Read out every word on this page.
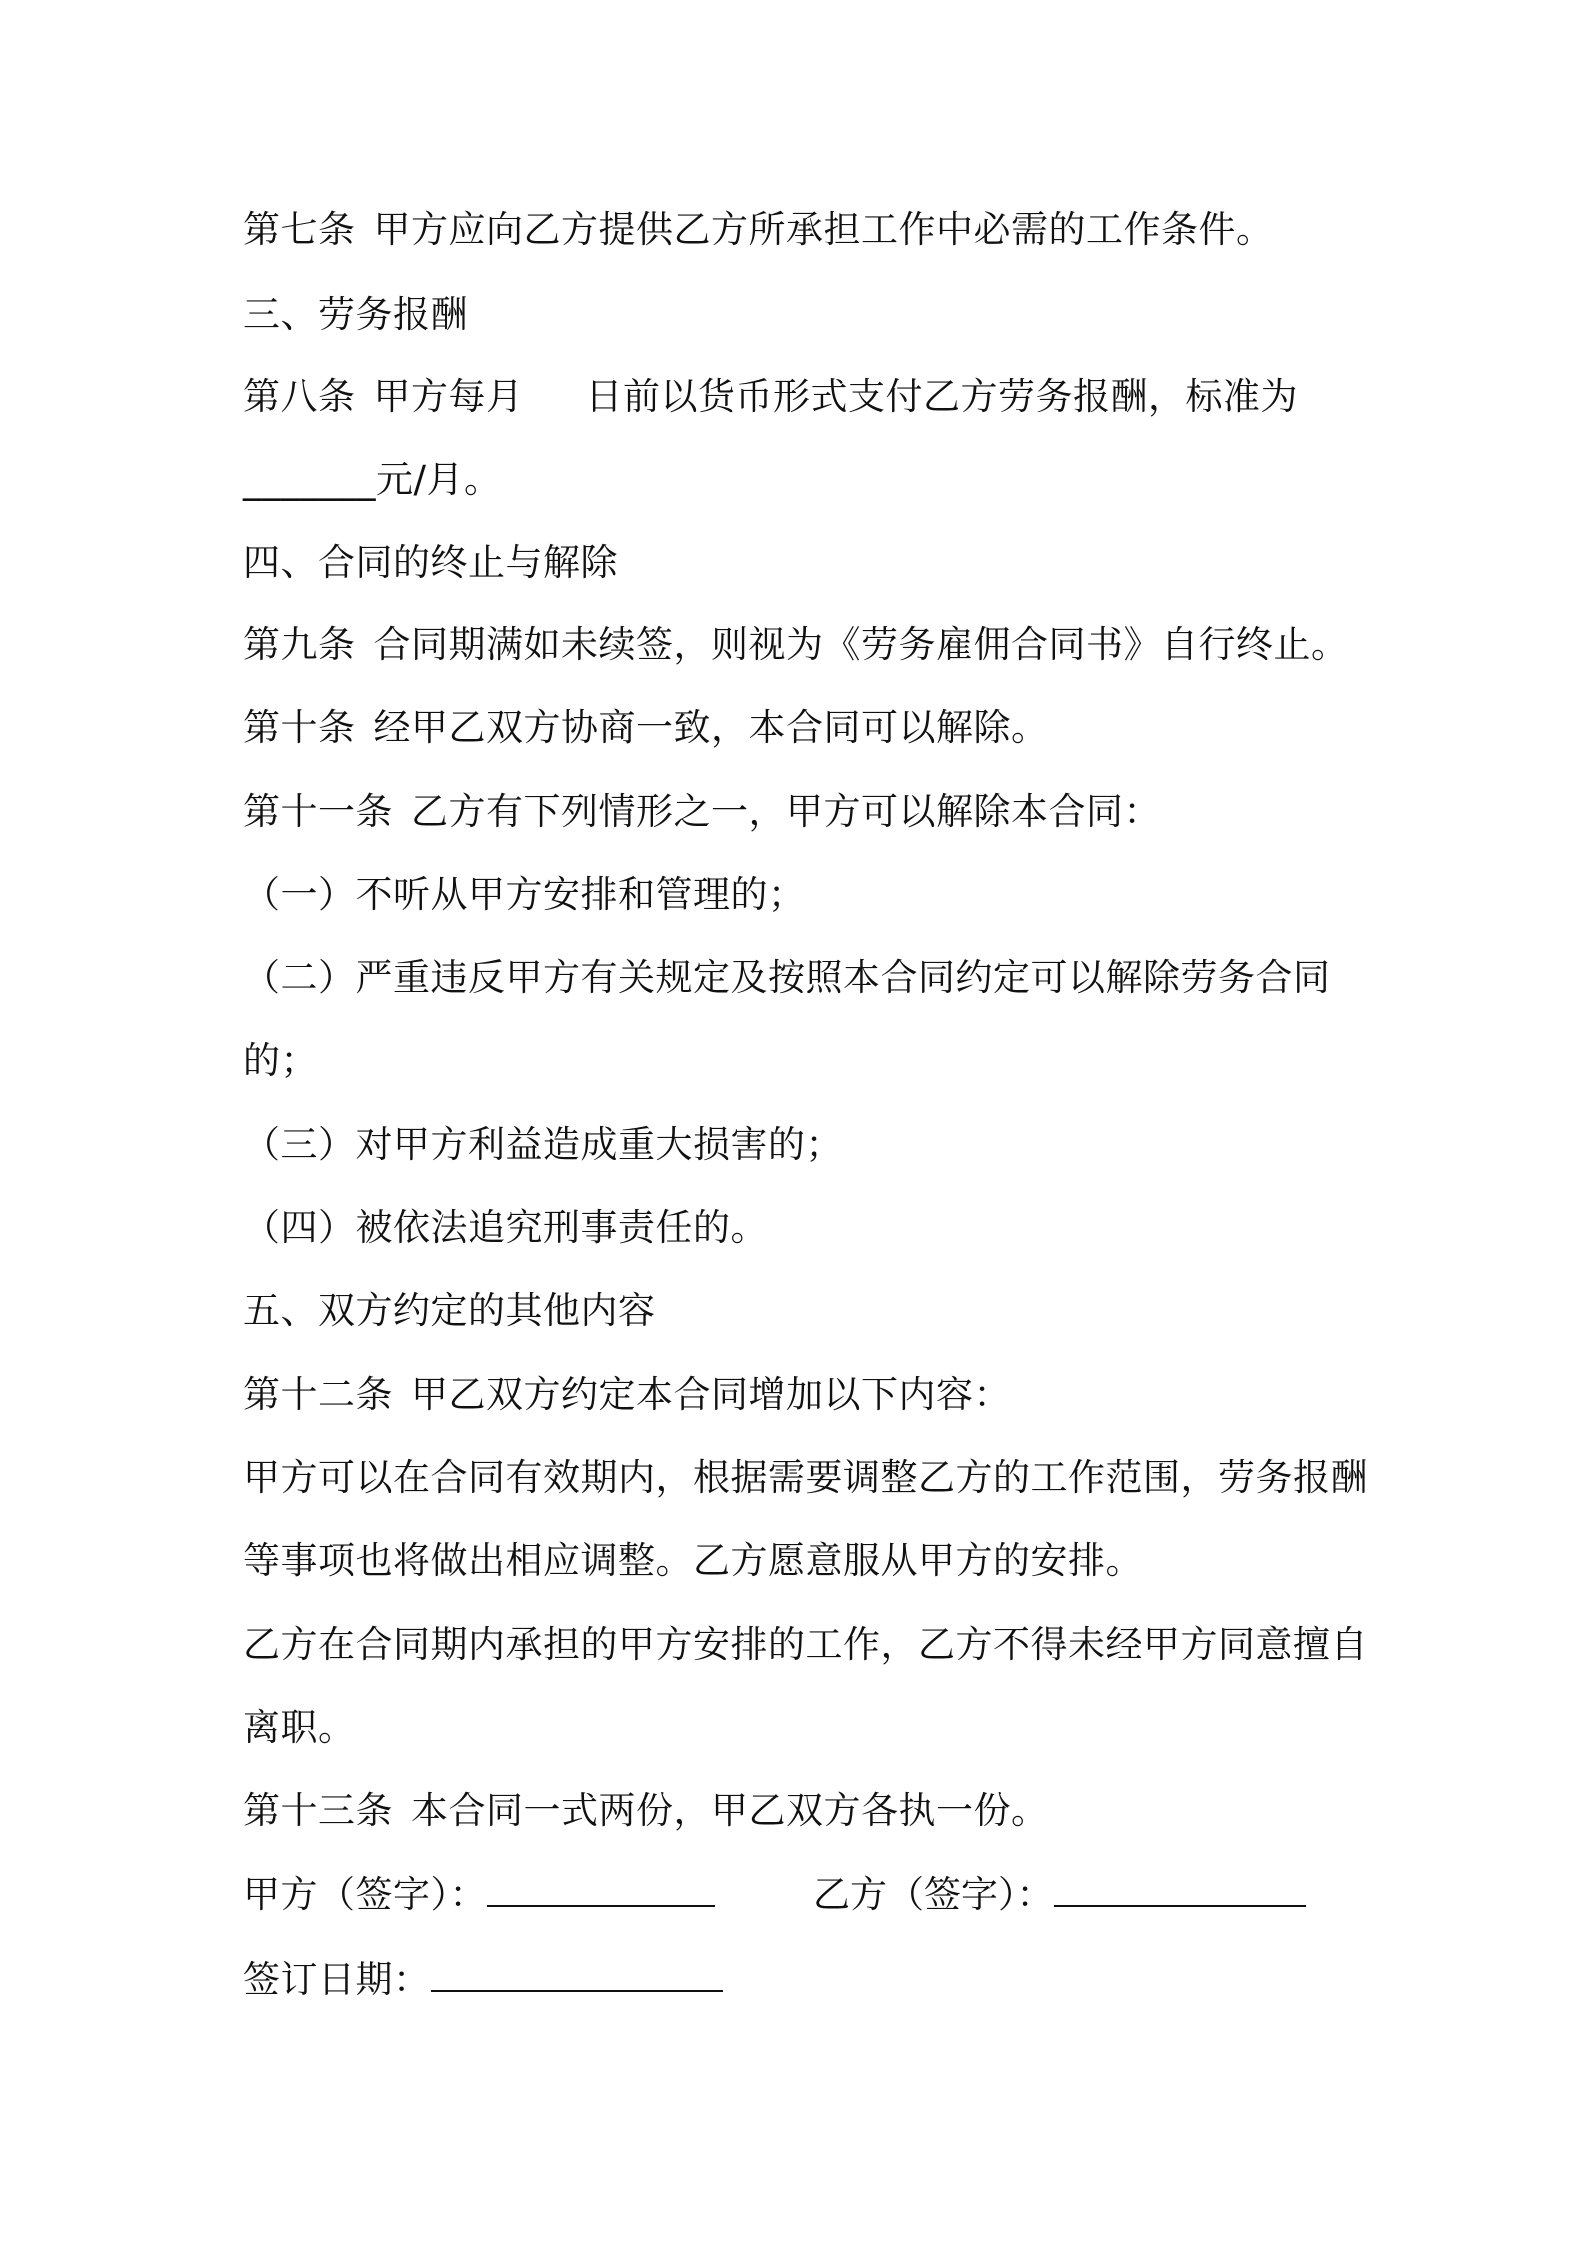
第七条 甲方应向乙方提供乙方所承担工作中必需的工作条件。
三、劳务报酬
第八条 甲方每月 日前以货币形式支付乙方劳务报酬，标准为
_______元/月。
四、合同的终止与解除
第九条 合同期满如未续签，则视为《劳务雇佣合同书》自行终止。
第十条 经甲乙双方协商一致，本合同可以解除。
第十一条 乙方有下列情形之一，甲方可以解除本合同：
（一）不听从甲方安排和管理的；
（二）严重违反甲方有关规定及按照本合同约定可以解除劳务合同
的；
（三）对甲方利益造成重大损害的；
（四）被依法追究刑事责任的。
五、双方约定的其他内容
第十二条 甲乙双方约定本合同增加以下内容：
甲方可以在合同有效期内，根据需要调整乙方的工作范围，劳务报酬
等事项也将做出相应调整。乙方愿意服从甲方的安排。
乙方在合同期内承担的甲方安排的工作，乙方不得未经甲方同意擅自
离职。
第十三条 本合同一式两份，甲乙双方各执一份。
甲方（签字）：	乙方（签字）：
签订日期：
